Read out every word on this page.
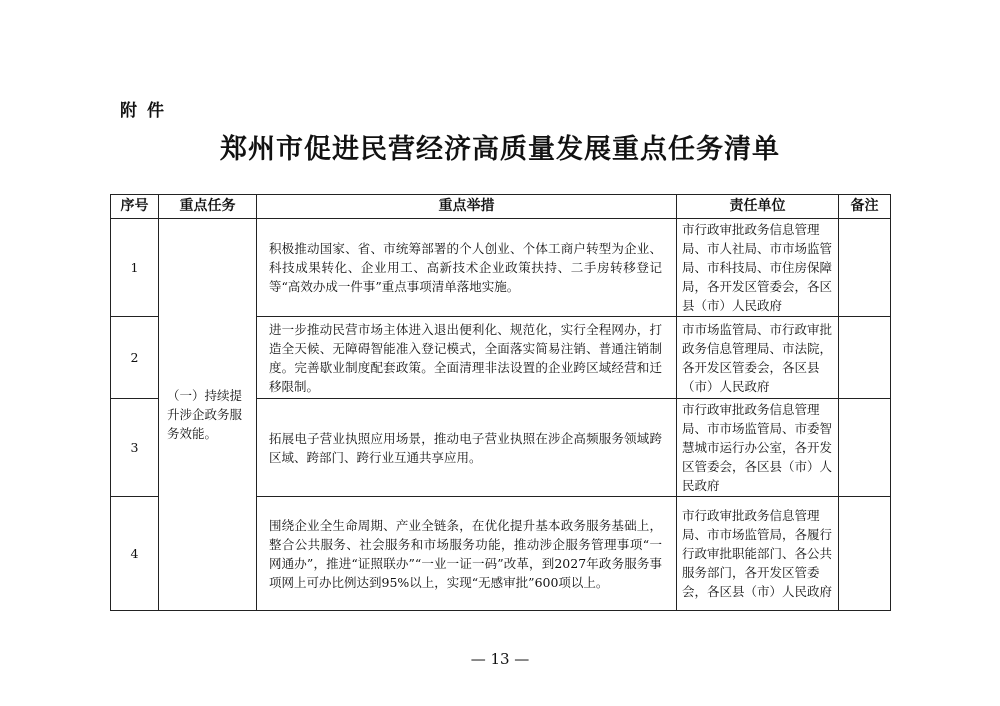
附件
郑州市促进民营经济高质量发展重点任务清单
序号	重点任务	重点举措	责任单位	备注
1	（一）持续提升涉企政务服务效能。	积极推动国家、省、市统筹部署的个人创业、个体工商户转型为企业、科技成果转化、企业用工、高新技术企业政策扶持、二手房转移登记等“高效办成一件事”重点事项清单落地实施。	市行政审批政务信息管理局、市人社局、市市场监管局、市科技局、市住房保障局，各开发区管委会，各区县（市）人民政府	
2		进一步推动民营市场主体进入退出便利化、规范化，实行全程网办，打造全天候、无障碍智能准入登记模式，全面落实简易注销、普通注销制度。完善歇业制度配套政策。全面清理非法设置的企业跨区域经营和迁移限制。	市市场监管局、市行政审批政务信息管理局、市法院，各开发区管委会，各区县（市）人民政府	
3		拓展电子营业执照应用场景，推动电子营业执照在涉企高频服务领域跨区域、跨部门、跨行业互通共享应用。	市行政审批政务信息管理局、市市场监管局、市委智慧城市运行办公室，各开发区管委会，各区县（市）人民政府	
4		围绕企业全生命周期、产业全链条，在优化提升基本政务服务基础上，整合公共服务、社会服务和市场服务功能，推动涉企服务管理事项“一网通办”，推进“证照联办”“一业一证一码”改革，到2027年政务服务事项网上可办比例达到95%以上，实现“无感审批”600项以上。	市行政审批政务信息管理局、市市场监管局，各履行行政审批职能部门、各公共服务部门，各开发区管委会，各区县（市）人民政府	
— 13 —
